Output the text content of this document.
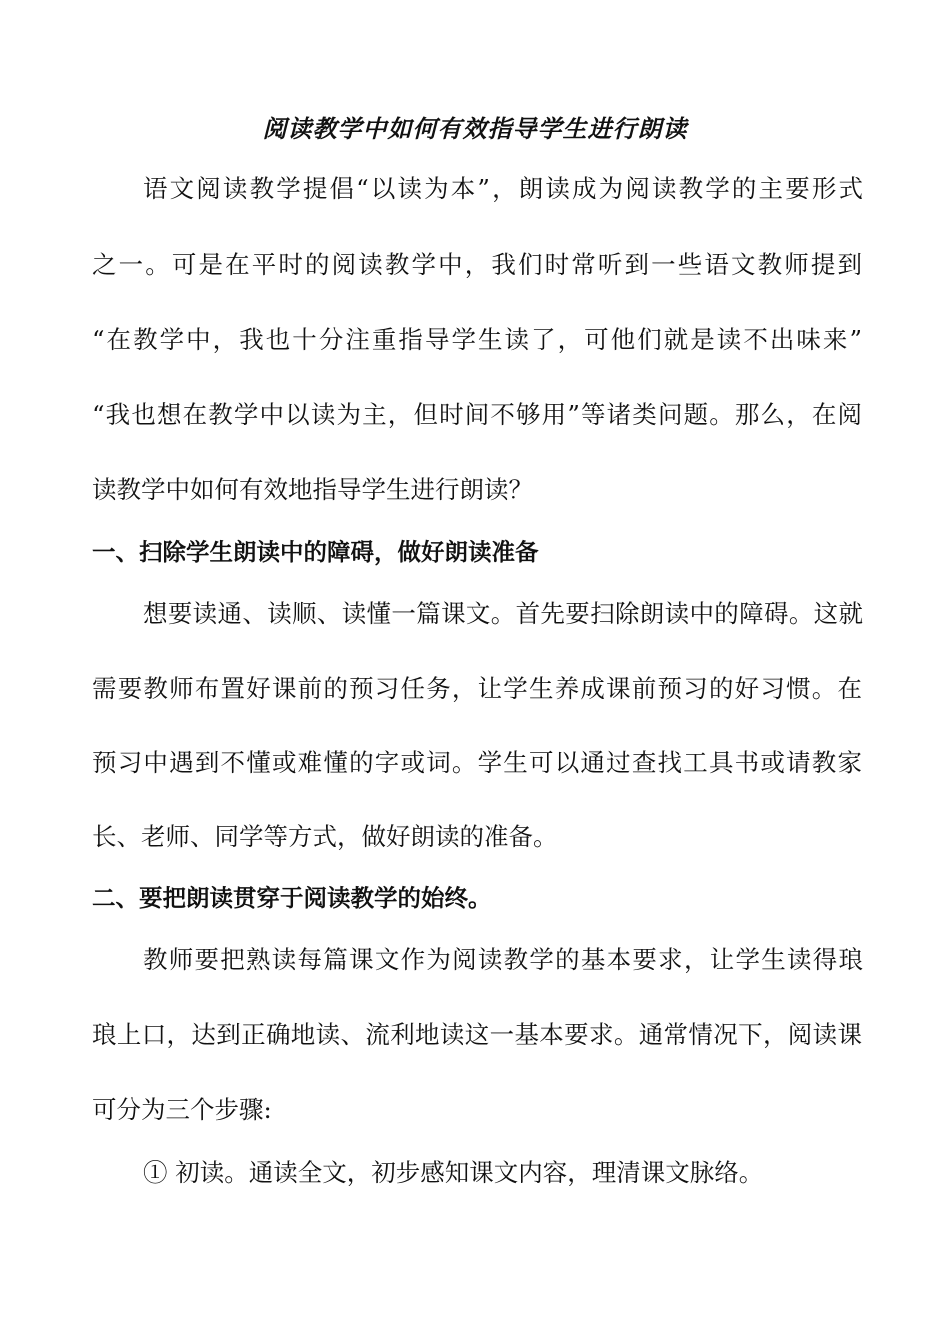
阅读教学中如何有效指导学生进行朗读
语文阅读教学提倡“以读为本”，朗读成为阅读教学的主要形式
之一。可是在平时的阅读教学中，我们时常听到一些语文教师提到
“在教学中，我也十分注重指导学生读了，可他们就是读不出味来”
“我也想在教学中以读为主，但时间不够用”等诸类问题。那么，在阅
读教学中如何有效地指导学生进行朗读？
一、扫除学生朗读中的障碍，做好朗读准备
想要读通、读顺、读懂一篇课文。首先要扫除朗读中的障碍。这就
需要教师布置好课前的预习任务，让学生养成课前预习的好习惯。在
预习中遇到不懂或难懂的字或词。学生可以通过查找工具书或请教家
长、老师、同学等方式，做好朗读的准备。
二、要把朗读贯穿于阅读教学的始终。
教师要把熟读每篇课文作为阅读教学的基本要求，让学生读得琅
琅上口，达到正确地读、流利地读这一基本要求。通常情况下，阅读课
可分为三个步骤:
① 初读。通读全文，初步感知课文内容，理清课文脉络。
